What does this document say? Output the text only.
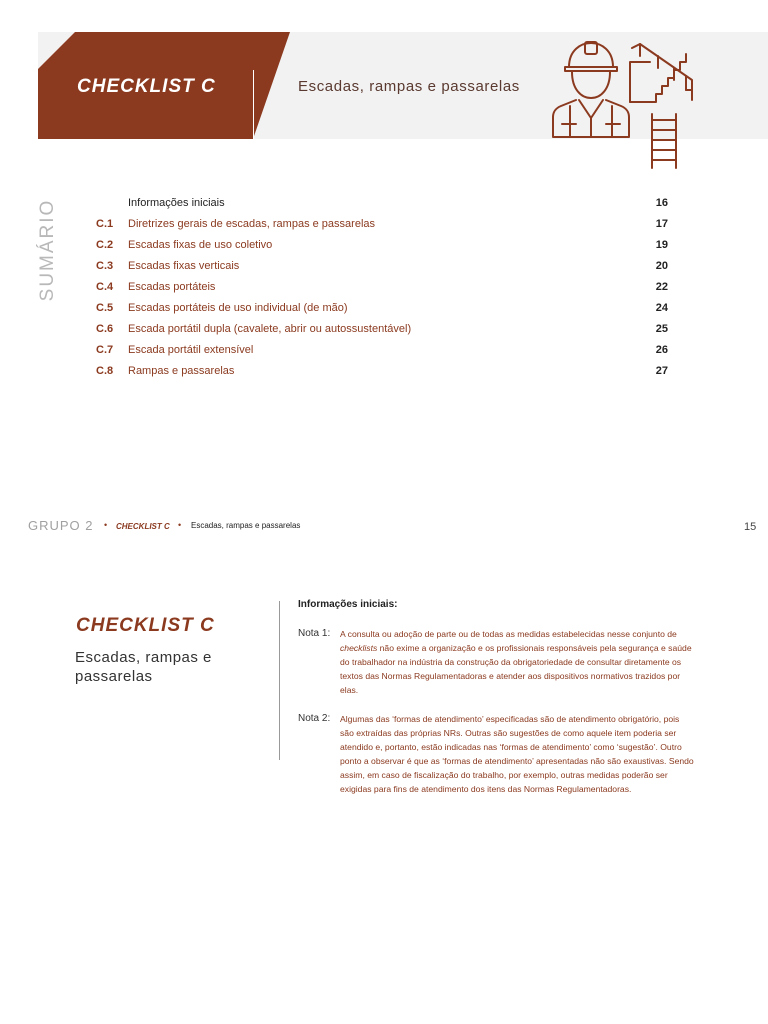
CHECKLIST C	Escadas, rampas e passarelas
SUMÁRIO	Informações iniciais	16
C.1 Diretrizes gerais de escadas, rampas e passarelas	17
C.2 Escadas fixas de uso coletivo	19
C.3 Escadas fixas verticais	20
C.4 Escadas portáteis	22
C.5 Escadas portáteis de uso individual (de mão)	24
C.6 Escada portátil dupla (cavalete, abrir ou autossustentável)	25
C.7 Escada portátil extensível	26
C.8 Rampas e passarelas	27
GRUPO 2 • CHECKLIST C • Escadas, rampas e passarelas	15
CHECKLIST C
Escadas, rampas e passarelas
Informações iniciais:
Nota 1: A consulta ou adoção de parte ou de todas as medidas estabelecidas nesse conjunto de checklists não exime a organização e os profissionais responsáveis pela segurança e saúde do trabalhador na indústria da construção da obrigatoriedade de consultar diretamente os textos das Normas Regulamentadoras e atender aos dispositivos normativos trazidos por elas.
Nota 2: Algumas das ‘formas de atendimento’ especificadas são de atendimento obrigatório, pois são extraídas das próprias NRs. Outras são sugestões de como aquele item poderia ser atendido e, portanto, estão indicadas nas ‘formas de atendimento’ como ‘sugestão’. Outro ponto a observar é que as ‘formas de atendimento’ apresentadas não são exaustivas. Sendo assim, em caso de fiscalização do trabalho, por exemplo, outras medidas poderão ser exigidas para fins de atendimento dos itens das Normas Regulamentadoras.
